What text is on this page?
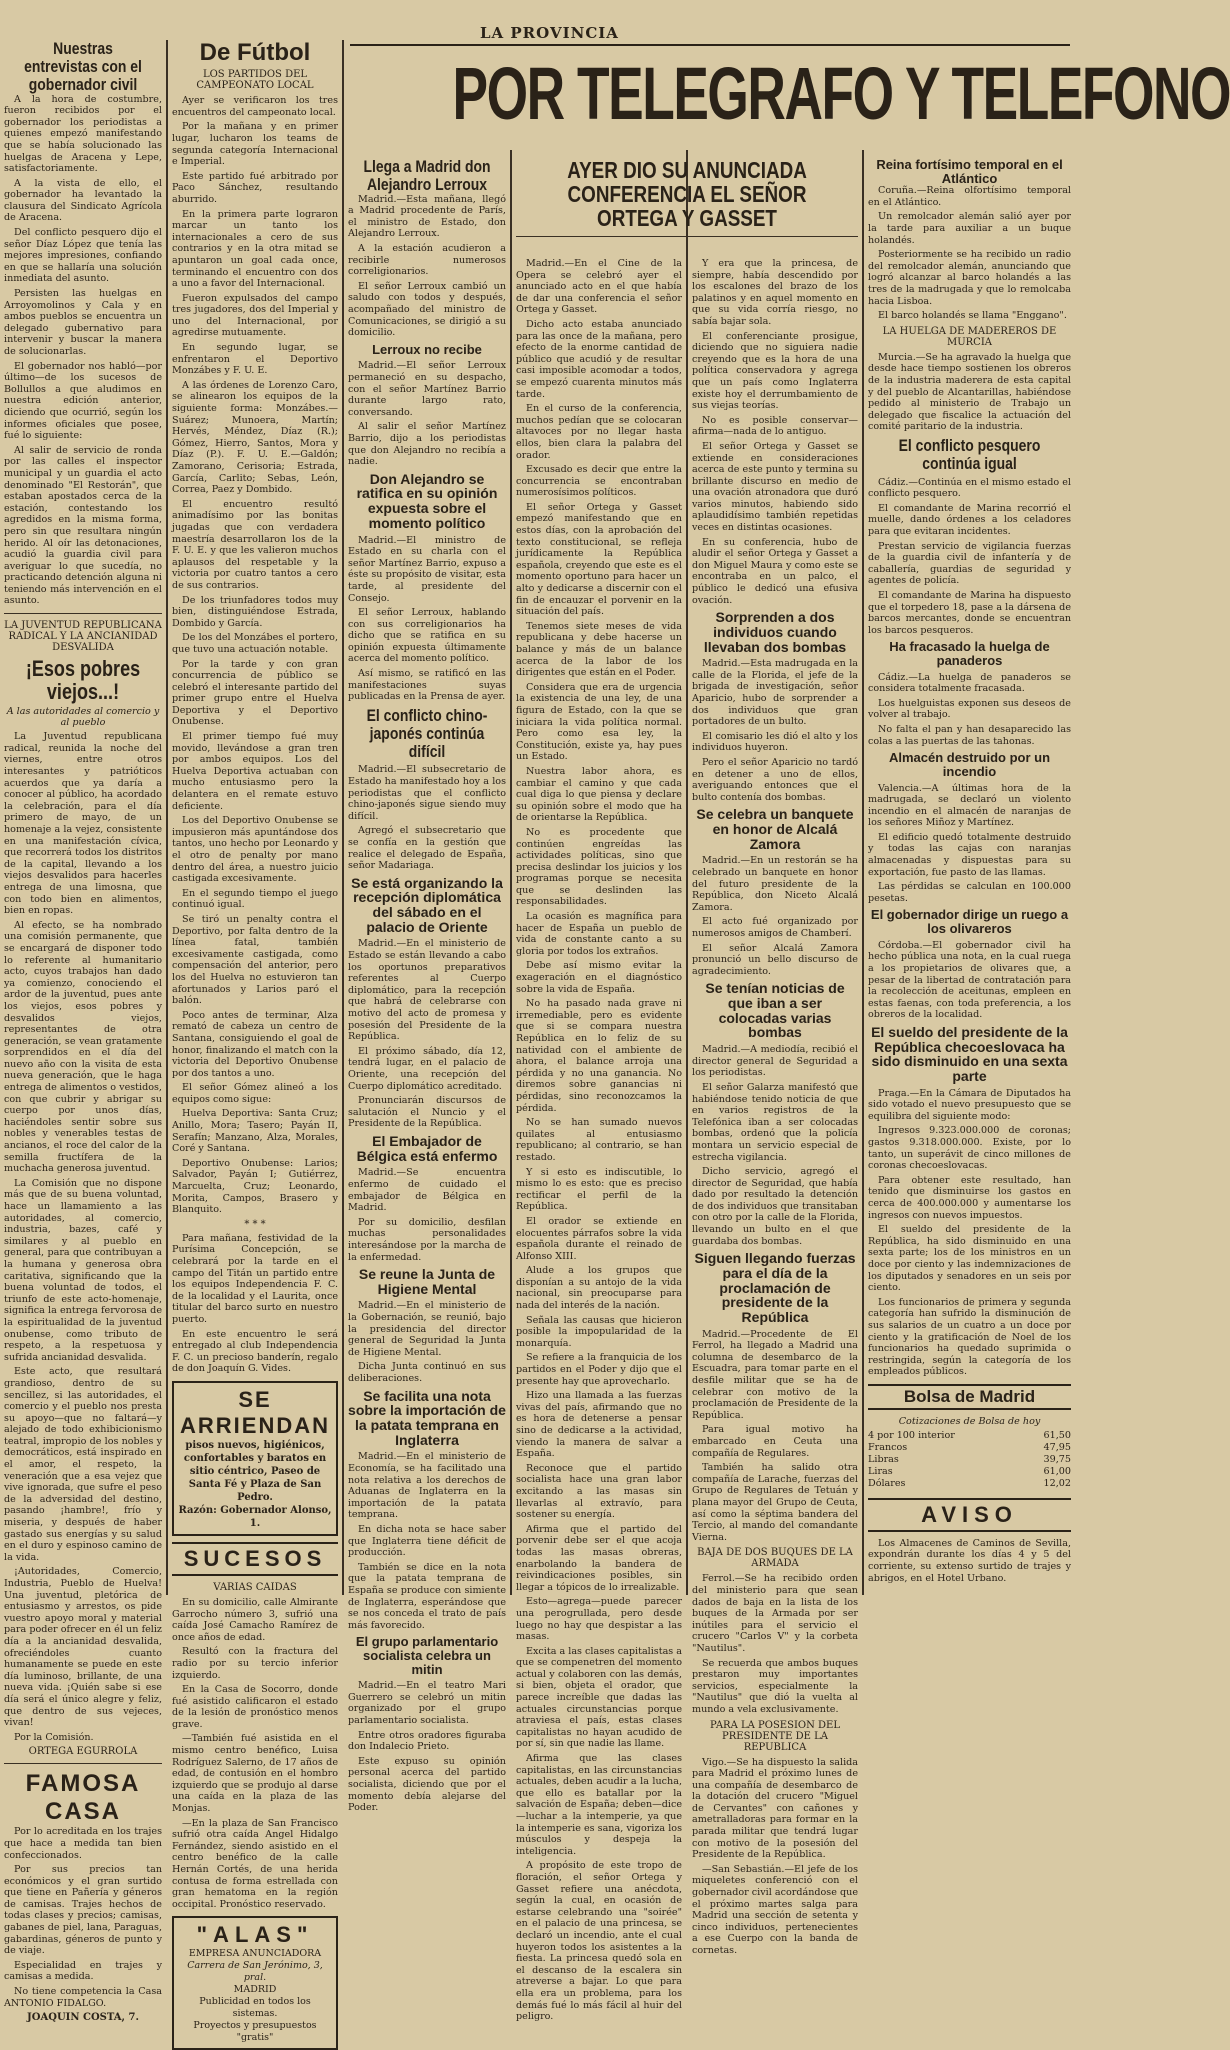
LA PROVINCIA
POR TELEGRAFO Y TELEFONO
Nuestras entrevistas con el gobernador civil

A la hora de costumbre, fueron recibidos por el gobernador los periodistas a quienes empezó manifestando que se había solucionado las huelgas de Aracena y Lepe, satisfactoriamente.

A la vista de ello, el gobernador ha levantado la clausura del Sindicato Agrícola de Aracena.

Del conflicto pesquero dijo el señor Díaz López que tenía las mejores impresiones, confiando en que se hallaría una solución inmediata del asunto.

Persisten las huelgas en Arroyomolinos y Cala y en ambos pueblos se encuentra un delegado gubernativo para intervenir y buscar la manera de solucionarlas.

El gobernador nos habló—por último—de los sucesos de Bollullos a que aludimos en nuestra edición anterior, diciendo que ocurrió, según los informes oficiales que posee, fué lo siguiente:

Al salir de servicio de ronda por las calles el inspector municipal y un guardia el acto denominado "El Restorán", que estaban apostados cerca de la estación, contestando los agredidos en la misma forma, pero sin que resultara ningún herido. Al oír las detonaciones, acudió la guardia civil para averiguar lo que sucedía, no practicando detención alguna ni teniendo más intervención en el asunto.

LA JUVENTUD REPUBLICANA RADICAL Y LA ANCIANIDAD DESVALIDA
¡Esos pobres viejos...!
A las autoridades al comercio y al pueblo

La Juventud republicana radical, reunida la noche del viernes, entre otros interesantes y patrióticos acuerdos que ya daría a conocer al público, ha acordado la celebración, para el día primero de mayo, de un homenaje a la vejez, consistente en una manifestación cívica, que recorrerá todos los distritos de la capital, llevando a los viejos desvalidos para hacerles entrega de una limosna, que con todo bien en alimentos, bien en ropas.

Al efecto, se ha nombrado una comisión permanente, que se encargará de disponer todo lo referente al humanitario acto, cuyos trabajos han dado ya comienzo, conociendo el ardor de la juventud, pues ante los viejos, esos pobres y desvalidos viejos, representantes de otra generación, se vean gratamente sorprendidos en el día del nuevo año con la visita de esta nueva generación, que le haga entrega de alimentos o vestidos, con que cubrir y abrigar su cuerpo por unos días, haciéndoles sentir sobre sus nobles y venerables testas de ancianos, el roce del calor de la semilla fructífera de la muchacha generosa juventud.

La Comisión que no dispone más que de su buena voluntad, hace un llamamiento a las autoridades, al comercio, industria, bazes, café y similares y al pueblo en general, para que contribuyan a la humana y generosa obra caritativa, significando que la buena voluntad de todos, el triunfo de este acto-homenaje, significa la entrega fervorosa de la espiritualidad de la juventud onubense, como tributo de respeto, a la respetuosa y sufrida ancianidad desvalida.

Este acto, que resultará grandioso, dentro de su sencillez, si las autoridades, el comercio y el pueblo nos presta su apoyo—que no faltará—y alejado de todo exhibicionismo teatral, impropio de los nobles y democráticos, está inspirado en el amor, el respeto, la veneración que a esa vejez que vive ignorada, que sufre el peso de la adversidad del destino, pasando ¡hambre!, frío y miseria, y después de haber gastado sus energías y su salud en el duro y espinoso camino de la vida.

¡Autoridades, Comercio, Industria, Pueblo de Huelva! Una juventud, pletórica de entusiasmo y arrestos, os pide vuestro apoyo moral y material para poder ofrecer en él un feliz día a la ancianidad desvalida, ofreciéndoles cuanto humanamente se puede en este día luminoso, brillante, de una nueva vida. ¡Quién sabe si ese día será el único alegre y feliz, que dentro de sus vejeces, vivan!

Por la Comisión.

ORTEGA EGURROLA
FAMOSA CASA

Por lo acreditada en los trajes que hace a medida tan bien confeccionados.

Por sus precios tan económicos y el gran surtido que tiene en Pañería y géneros de camisas. Trajes hechos de todas clases y precios; camisas, gabanes de piel, lana, Paraguas, gabardinas, géneros de punto y de viaje.

Especialidad en trajes y camisas a medida.

No tiene competencia la Casa ANTONIO FIDALGO.

JOAQUIN COSTA, 7.
De Fútbol
LOS PARTIDOS DEL CAMPEONATO LOCAL

Ayer se verificaron los tres encuentros del campeonato local.

Por la mañana y en primer lugar, lucharon los teams de segunda categoría Internacional e Imperial.

Este partido fué arbitrado por Paco Sánchez, resultando aburrido.

En la primera parte lograron marcar un tanto los internacionales a cero de sus contrarios y en la otra mitad se apuntaron un goal cada once, terminando el encuentro con dos a uno a favor del Internacional.

Fueron expulsados del campo tres jugadores, dos del Imperial y uno del Internacional, por agredirse mutuamente.

En segundo lugar, se enfrentaron el Deportivo Monzábes y F. U. E.

A las órdenes de Lorenzo Caro, se alinearon los equipos de la siguiente forma: Monzábes.—Suárez; Munoera, Martín; Hervés, Méndez, Díaz (R.); Gómez, Hierro, Santos, Mora y Díaz (P.). F. U. E.—Galdón; Zamorano, Cerisoria; Estrada, García, Carlito; Sebas, León, Correa, Paez y Dombido.

El encuentro resultó animadísimo por las bonitas jugadas que con verdadera maestría desarrollaron los de la F. U. E. y que les valieron muchos aplausos del respetable y la victoria por cuatro tantos a cero de sus contrarios.

De los triunfadores todos muy bien, distinguiéndose Estrada, Dombido y García.

De los del Monzábes el portero, que tuvo una actuación notable.

Por la tarde y con gran concurrencia de público se celebró el interesante partido del primer grupo entre el Huelva Deportiva y el Deportivo Onubense.

El primer tiempo fué muy movido, llevándose a gran tren por ambos equipos. Los del Huelva Deportiva actuaban con mucho entusiasmo pero la delantera en el remate estuvo deficiente.

Los del Deportivo Onubense se impusieron más apuntándose dos tantos, uno hecho por Leonardo y el otro de penalty por mano dentro del área, a nuestro juicio castigada excesivamente.

En el segundo tiempo el juego continuó igual.

Se tiró un penalty contra el Deportivo, por falta dentro de la línea fatal, también excesivamente castigada, como compensación del anterior, pero los del Huelva no estuvieron tan afortunados y Larios paró el balón.

Poco antes de terminar, Alza remató de cabeza un centro de Santana, consiguiendo el goal de honor, finalizando el match con la victoria del Deportivo Onubense por dos tantos a uno.

El señor Gómez alineó a los equipos como sigue:

Huelva Deportiva: Santa Cruz; Anillo, Mora; Tasero; Payán II, Serafín; Manzano, Alza, Morales, Coré y Santana.

Deportivo Onubense: Larios; Salvador, Payán I; Gutiérrez, Marcuelta, Cruz; Leonardo, Morita, Campos, Brasero y Blanquito.

* * *

Para mañana, festividad de la Purísima Concepción, se celebrará por la tarde en el campo del Titán un partido entre los equipos Independencia F. C. de la localidad y el Laurita, once titular del barco surto en nuestro puerto.

En este encuentro le será entregado al club Independencia F. C. un precioso banderín, regalo de don Joaquín G. Vides.

SE ARRIENDAN
pisos nuevos, higiénicos, confortables y baratos en sitio céntrico, Paseo de Santa Fé y Plaza de San Pedro.
Razón: Gobernador Alonso, 1.
SUCESOS
VARIAS CAIDAS

En su domicilio, calle Almirante Garrocho número 3, sufrió una caída José Camacho Ramírez de once años de edad.

Resultó con la fractura del radio por su tercio inferior izquierdo.

En la Casa de Socorro, donde fué asistido calificaron el estado de la lesión de pronóstico menos grave.

—También fué asistida en el mismo centro benéfico, Luisa Rodríguez Salerno, de 17 años de edad, de contusión en el hombro izquierdo que se produjo al darse una caída en la plaza de las Monjas.

—En la plaza de San Francisco sufrió otra caída Angel Hidalgo Fernández, siendo asistido en el centro benéfico de la calle Hernán Cortés, de una herida contusa de forma estrellada con gran hematoma en la región occipital. Pronóstico reservado.

"ALAS"
EMPRESA ANUNCIADORA
Carrera de San Jerónimo, 3, pral.
MADRID
Publicidad en todos los sistemas.
Proyectos y presupuestos "gratis"
Llega a Madrid don Alejandro Lerroux

Madrid.—Esta mañana, llegó a Madrid procedente de París, el ministro de Estado, don Alejandro Lerroux.

A la estación acudieron a recibirle numerosos correligionarios.

El señor Lerroux cambió un saludo con todos y después, acompañado del ministro de Comunicaciones, se dirigió a su domicilio.

Lerroux no recibe

Madrid.—El señor Lerroux permaneció en su despacho, con el señor Martínez Barrio durante largo rato, conversando.

Al salir el señor Martínez Barrio, dijo a los periodistas que don Alejandro no recibía a nadie.

Don Alejandro se ratifica en su opinión expuesta sobre el momento político

Madrid.—El ministro de Estado en su charla con el señor Martínez Barrio, expuso a éste su propósito de visitar, esta tarde, al presidente del Consejo.

El señor Lerroux, hablando con sus correligionarios ha dicho que se ratifica en su opinión expuesta últimamente acerca del momento político.

Así mismo, se ratificó en las manifestaciones suyas publicadas en la Prensa de ayer.

El conflicto chino-japonés continúa difícil

Madrid.—El subsecretario de Estado ha manifestado hoy a los periodistas que el conflicto chino-japonés sigue siendo muy difícil.

Agregó el subsecretario que se confía en la gestión que realice el delegado de España, señor Madariaga.

Se está organizando la recepción diplomática del sábado en el palacio de Oriente

Madrid.—En el ministerio de Estado se están llevando a cabo los oportunos preparativos referentes al Cuerpo diplomático, para la recepción que habrá de celebrarse con motivo del acto de promesa y posesión del Presidente de la República.

El próximo sábado, día 12, tendrá lugar, en el palacio de Oriente, una recepción del Cuerpo diplomático acreditado.

Pronunciarán discursos de salutación el Nuncio y el Presidente de la República.

El Embajador de Bélgica está enfermo

Madrid.—Se encuentra enfermo de cuidado el embajador de Bélgica en Madrid.

Por su domicilio, desfilan muchas personalidades interesándose por la marcha de la enfermedad.

Se reune la Junta de Higiene Mental

Madrid.—En el ministerio de la Gobernación, se reunió, bajo la presidencia del director general de Seguridad la Junta de Higiene Mental.

Dicha Junta continuó en sus deliberaciones.

Se facilita una nota sobre la importación de la patata temprana en Inglaterra

Madrid.—En el ministerio de Economía, se ha facilitado una nota relativa a los derechos de Aduanas de Inglaterra en la importación de la patata temprana.

En dicha nota se hace saber que Inglaterra tiene déficit de producción.

También se dice en la nota que la patata temprana de España se produce con simiente de Inglaterra, esperándose que se nos conceda el trato de país más favorecido.

El grupo parlamentario socialista celebra un mitin

Madrid.—En el teatro Mari Guerrero se celebró un mitin organizado por el grupo parlamentario socialista.

Entre otros oradores figuraba don Indalecio Prieto.

Este expuso su opinión personal acerca del partido socialista, diciendo que por el momento debía alejarse del Poder.

AYER DIO SU ANUNCIADA CONFERENCIA EL SEÑOR ORTEGA Y GASSET

Madrid.—En el Cine de la Opera se celebró ayer el anunciado acto en el que había de dar una conferencia el señor Ortega y Gasset.

Dicho acto estaba anunciado para las once de la mañana, pero efecto de la enorme cantidad de público que acudió y de resultar casi imposible acomodar a todos, se empezó cuarenta minutos más tarde.

En el curso de la conferencia, muchos pedían que se colocaran altavoces por no llegar hasta ellos, bien clara la palabra del orador.

Excusado es decir que entre la concurrencia se encontraban numerosísimos políticos.

El señor Ortega y Gasset empezó manifestando que en estos días, con la aprobación del texto constitucional, se refleja jurídicamente la República española, creyendo que este es el momento oportuno para hacer un alto y dedicarse a discernir con el fin de encauzar el porvenir en la situación del país.

Tenemos siete meses de vida republicana y debe hacerse un balance y más de un balance acerca de la labor de los dirigentes que están en el Poder.

Considera que era de urgencia la existencia de una ley, de una figura de Estado, con la que se iniciara la vida política normal. Pero como esa ley, la Constitución, existe ya, hay pues un Estado.

Nuestra labor ahora, es cambiar el camino y que cada cual diga lo que piensa y declare su opinión sobre el modo que ha de orientarse la República.

No es procedente que continúen engreídas las actividades políticas, sino que precisa deslindar los juicios y los programas porque se necesita que se deslinden las responsabilidades.

La ocasión es magnífica para hacer de España un pueblo de vida de constante canto a su gloria por todos los extraños.

Debe así mismo evitar la exageración en el diagnóstico sobre la vida de España.

No ha pasado nada grave ni irremediable, pero es evidente que si se compara nuestra República en lo feliz de su natividad con el ambiente de ahora, el balance arroja una pérdida y no una ganancia. No diremos sobre ganancias ni pérdidas, sino reconozcamos la pérdida.

No se han sumado nuevos quilates al entusiasmo republicano; al contrario, se han restado.

Y si esto es indiscutible, lo mismo lo es esto: que es preciso rectificar el perfil de la República.

El orador se extiende en elocuentes párrafos sobre la vida española durante el reinado de Alfonso XIII.

Alude a los grupos que disponían a su antojo de la vida nacional, sin preocuparse para nada del interés de la nación.

Señala las causas que hicieron posible la impopularidad de la monarquía.

Se refiere a la franquicia de los partidos en el Poder y dijo que el presente hay que aprovecharlo.

Hizo una llamada a las fuerzas vivas del país, afirmando que no es hora de detenerse a pensar sino de dedicarse a la actividad, viendo la manera de salvar a España.

Reconoce que el partido socialista hace una gran labor excitando a las masas sin llevarlas al extravío, para sostener su energía.

Afirma que el partido del porvenir debe ser el que acoja todas las masas obreras, enarbolando la bandera de reivindicaciones posibles, sin llegar a tópicos de lo irrealizable.

Esto—agrega—puede parecer una perogrullada, pero desde luego no hay que despistar a las masas.

Excita a las clases capitalistas a que se compenetren del momento actual y colaboren con las demás, si bien, objeta el orador, que parece increíble que dadas las actuales circunstancias porque atraviesa el país, estas clases capitalistas no hayan acudido de por sí, sin que nadie las llame.

Afirma que las clases capitalistas, en las circunstancias actuales, deben acudir a la lucha, que ello es batallar por la salvación de España; deben—dice—luchar a la intemperie, ya que la intemperie es sana, vigoriza los músculos y despeja la inteligencia.

A propósito de este tropo de floración, el señor Ortega y Gasset refiere una anécdota, según la cual, en ocasión de estarse celebrando una "soirée" en el palacio de una princesa, se declaró un incendio, ante el cual huyeron todos los asistentes a la fiesta. La princesa quedó sola en el descanso de la escalera sin atreverse a bajar. Lo que para ella era un problema, para los demás fué lo más fácil al huir del peligro.

Y era que la princesa, de siempre, había descendido por los escalones del brazo de los palatinos y en aquel momento en que su vida corría riesgo, no sabía bajar sola.

El conferenciante prosigue, diciendo que no siguiera nadie creyendo que es la hora de una política conservadora y agrega que un país como Inglaterra existe hoy el derrumbamiento de sus viejas teorías.

No es posible conservar—afirma—nada de lo antiguo.

El señor Ortega y Gasset se extiende en consideraciones acerca de este punto y termina su brillante discurso en medio de una ovación atronadora que duró varios minutos, habiendo sido aplaudidísimo también repetidas veces en distintas ocasiones.

En su conferencia, hubo de aludir el señor Ortega y Gasset a don Miguel Maura y como este se encontraba en un palco, el público le dedicó una efusiva ovación.

Sorprenden a dos individuos cuando llevaban dos bombas

Madrid.—Esta madrugada en la calle de la Florida, el jefe de la brigada de investigación, señor Aparicio, hubo de sorprender a dos individuos que gran portadores de un bulto.

El comisario les dió el alto y los individuos huyeron.

Pero el señor Aparicio no tardó en detener a uno de ellos, averiguando entonces que el bulto contenía dos bombas.

Se celebra un banquete en honor de Alcalá Zamora

Madrid.—En un restorán se ha celebrado un banquete en honor del futuro presidente de la República, don Niceto Alcalá Zamora.

El acto fué organizado por numerosos amigos de Chamberí.

El señor Alcalá Zamora pronunció un bello discurso de agradecimiento.

Se tenían noticias de que iban a ser colocadas varias bombas

Madrid.—A mediodía, recibió el director general de Seguridad a los periodistas.

El señor Galarza manifestó que habiéndose tenido noticia de que en varios registros de la Telefónica iban a ser colocadas bombas, ordenó que la policía montara un servicio especial de estrecha vigilancia.

Dicho servicio, agregó el director de Seguridad, que había dado por resultado la detención de dos individuos que transitaban con otro por la calle de la Florida, llevando un bulto en el que guardaba dos bombas.

Siguen llegando fuerzas para el día de la proclamación de presidente de la República

Madrid.—Procedente de El Ferrol, ha llegado a Madrid una columna de desembarco de la Escuadra, para tomar parte en el desfile militar que se ha de celebrar con motivo de la proclamación de Presidente de la República.

Para igual motivo ha embarcado en Ceuta una compañía de Regulares.

También ha salido otra compañía de Larache, fuerzas del Grupo de Regulares de Tetuán y plana mayor del Grupo de Ceuta, así como la séptima bandera del Tercio, al mando del comandante Vierna.

BAJA DE DOS BUQUES DE LA ARMADA

Ferrol.—Se ha recibido orden del ministerio para que sean dados de baja en la lista de los buques de la Armada por ser inútiles para el servicio el crucero "Carlos V" y la corbeta "Nautilus".

Se recuerda que ambos buques prestaron muy importantes servicios, especialmente la "Nautilus" que dió la vuelta al mundo a vela exclusivamente.

PARA LA POSESION DEL PRESIDENTE DE LA REPUBLICA

Vigo.—Se ha dispuesto la salida para Madrid el próximo lunes de una compañía de desembarco de la dotación del crucero "Miguel de Cervantes" con cañones y ametralladoras para formar en la parada militar que tendrá lugar con motivo de la posesión del Presidente de la República.

—San Sebastián.—El jefe de los miqueletes conferenció con el gobernador civil acordándose que el próximo martes salga para Madrid una sección de setenta y cinco individuos, pertenecientes a ese Cuerpo con la banda de cornetas.

Reina fortísimo temporal en el Atlántico

Coruña.—Reina olfortísimo temporal en el Atlántico.

Un remolcador alemán salió ayer por la tarde para auxiliar a un buque holandés.

Posteriormente se ha recibido un radio del remolcador alemán, anunciando que logró alcanzar al barco holandés a las tres de la madrugada y que lo remolcaba hacia Lisboa.

El barco holandés se llama "Enggano".

LA HUELGA DE MADEREROS DE MURCIA

Murcia.—Se ha agravado la huelga que desde hace tiempo sostienen los obreros de la industria maderera de esta capital y del pueblo de Alcantarillas, habiéndose pedido al ministerio de Trabajo un delegado que fiscalice la actuación del comité paritario de la industria.

El conflicto pesquero continúa igual

Cádiz.—Continúa en el mismo estado el conflicto pesquero.

El comandante de Marina recorrió el muelle, dando órdenes a los celadores para que evitaran incidentes.

Prestan servicio de vigilancia fuerzas de la guardia civil de infantería y de caballería, guardias de seguridad y agentes de policía.

El comandante de Marina ha dispuesto que el torpedero 18, pase a la dársena de barcos mercantes, donde se encuentran los barcos pesqueros.

Ha fracasado la huelga de panaderos

Cádiz.—La huelga de panaderos se considera totalmente fracasada.

Los huelguistas exponen sus deseos de volver al trabajo.

No falta el pan y han desaparecido las colas a las puertas de las tahonas.

Almacén destruido por un incendio

Valencia.—A últimas hora de la madrugada, se declaró un violento incendio en el almacén de naranjas de los señores Miñoz y Martínez.

El edificio quedó totalmente destruido y todas las cajas con naranjas almacenadas y dispuestas para su exportación, fue pasto de las llamas.

Las pérdidas se calculan en 100.000 pesetas.

El gobernador dirige un ruego a los olivareros

Córdoba.—El gobernador civil ha hecho pública una nota, en la cual ruega a los propietarios de olivares que, a pesar de la libertad de contratación para la recolección de aceitunas, empleen en estas faenas, con toda preferencia, a los obreros de la localidad.

El sueldo del presidente de la República checoeslovaca ha sido disminuido en una sexta parte

Praga.—En la Cámara de Diputados ha sido votado el nuevo presupuesto que se equilibra del siguiente modo:

Ingresos 9.323.000.000 de coronas; gastos 9.318.000.000. Existe, por lo tanto, un superávit de cinco millones de coronas checoeslovacas.

Para obtener este resultado, han tenido que disminuirse los gastos en cerca de 400.000.000 y aumentarse los ingresos con nuevos impuestos.

El sueldo del presidente de la República, ha sido disminuido en una sexta parte; los de los ministros en un doce por ciento y las indemnizaciones de los diputados y senadores en un seis por ciento.

Los funcionarios de primera y segunda categoría han sufrido la disminución de sus salarios de un cuatro a un doce por ciento y la gratificación de Noel de los funcionarios ha quedado suprimida o restringida, según la categoría de los empleados públicos.

Bolsa de Madrid
Cotizaciones de Bolsa de hoy
4 por 100 interior	61,50
Francos	47,95
Libras	39,75
Liras	61,00
Dólares	12,02
AVISO

Los Almacenes de Caminos de Sevilla, expondrán durante los días 4 y 5 del corriente, su extenso surtido de trajes y abrigos, en el Hotel Urbano.
